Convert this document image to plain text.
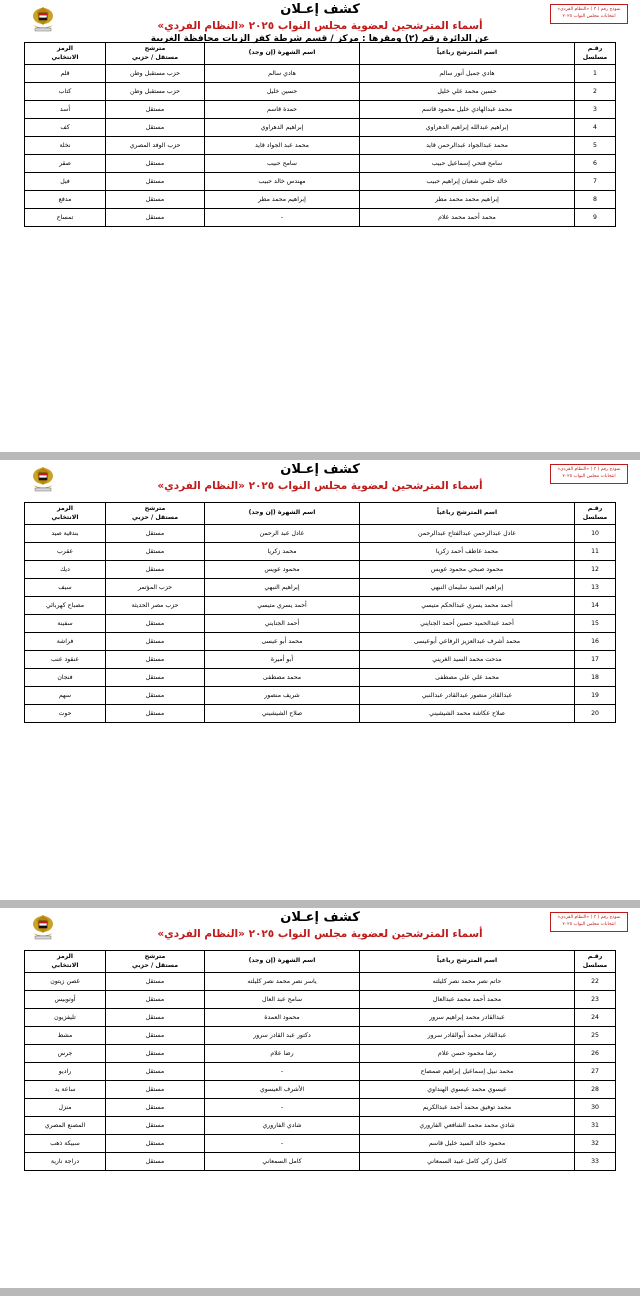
نموذج رقم ( ٣ ) «النظام الفردي»
انتخابات مجلس النواب ٢٠٢٥
كشف إعـلان
أسماء المترشحين لعضوية مجلس النواب ٢٠٢٥ «النظام الفردي»
عن الدائرة رقم (٢) ومقرها : مركز / قسم شرطة كفر الزيات محافظة الغربية
رقـم
مسلسل	اسم المترشح رباعياً	اسم الشهرة (إن وجد)	مترشح
مستقل / حزبي	الرمز
الانتخابي

1	هادي جميل أنور سالم	هادي سالم	حزب مستقبل وطن	قلم
2	حسين محمد علي خليل	حسين خليل	حزب مستقبل وطن	كتاب
3	محمد عبدالهادي خليل محمود قاسم	حمدة قاسم	مستقل	أسد
4	إبراهيم عبدالله إبراهيم الدهراوي	إبراهيم الدهراوي	مستقل	كف
5	محمد عبدالجواد عبدالرحمن قايد	محمد عبد الجواد قايد	حزب الوفد المصري	نخلة
6	سامح فتحي إسماعيل حبيب	سامح حبيب	مستقل	صقر
7	خالد حلمي شعبان إبراهيم حبيب	مهندس خالد حبيب	مستقل	فيل
8	إبراهيم محمد محمد مطر	إبراهيم محمد مطر	مستقل	مدفع
9	محمد أحمد محمد علام	-	مستقل	تمساح
نموذج رقم ( ٣ ) «النظام الفردي»
انتخابات مجلس النواب ٢٠٢٥
كشف إعـلان
أسماء المترشحين لعضوية مجلس النواب ٢٠٢٥ «النظام الفردي»
رقـم
مسلسل	اسم المترشح رباعياً	اسم الشهرة (إن وجد)	مترشح
مستقل / حزبي	الرمز
الانتخابي

10	عادل عبدالرحمن عبدالفتاح عبدالرحمن	عادل عبد الرحمن	مستقل	بندقية صيد
11	محمد عاطف أحمد زكريا	محمد زكريا	مستقل	عقرب
12	محمود صبحي محمود عويس	محمود عويس	مستقل	ديك
13	إبراهيم السيد سليمان النبهي	إبراهيم النبهي	حزب المؤتمر	سيف
14	أحمد محمد يسري عبدالحكم متيسي	أحمد يسري متيسي	حزب مصر الحديثة	مصباح كهربائي
15	أحمد عبدالحميد حسين أحمد الجنايني	أحمد الجنايني	مستقل	سفينة
16	محمد أشرف عبدالعزيز الرفاعي أبوعيسى	محمد أبو عيسى	مستقل	فراشة
17	مدحت محمد السيد الغريني	أبو أميرة	مستقل	عنقود عنب
18	محمد علي علي مصطفى	محمد مصطفى	مستقل	فنجان
19	عبدالقادر منصور عبدالقادر عبدالنبي	شريف منصور	مستقل	سهم
20	صلاح عكاشة محمد الشيشيني	صلاح الشيشيني	مستقل	حوت
نموذج رقم ( ٣ ) «النظام الفردي»
انتخابات مجلس النواب ٢٠٢٥
كشف إعـلان
أسماء المترشحين لعضوية مجلس النواب ٢٠٢٥ «النظام الفردي»
رقـم
مسلسل	اسم المترشح رباعياً	اسم الشهرة (إن وجد)	مترشح
مستقل / حزبي	الرمز
الانتخابي

22	حاتم نصر محمد نصر كليلته	ياسر نصر محمد نصر كليلته	مستقل	غصن زيتون
23	محمد أحمد محمد عبدالعال	سامح عبد العال	مستقل	أوتوبيس
24	عبدالقادر محمد إبراهيم سرور	محمود العمدة	مستقل	تليفزيون
25	عبدالقادر محمد أبوالقادر سرور	دكتور عبد القادر سرور	مستقل	مشط
26	رضا محمود حسن علام	رضا علام	مستقل	جرس
27	محمد نبيل إسماعيل إبراهيم صمصاح	-	مستقل	راديو
28	عيسوي محمد عيسوي الهنداوي	الأشرف العيسوي	مستقل	ساعة يد
30	محمد توفيق محمد أحمد عبدالكريم	-	مستقل	منزل
31	شادي محمد محمد الشافعي الفاروري	شادي الفاروري	مستقل	المصنع المصري
32	محمود خالد السيد خليل قاسم	-	مستقل	سبيكة ذهب
33	كامل زكي كامل عبيد السمعاني	كامل السمعاني	مستقل	دراجة نارية
